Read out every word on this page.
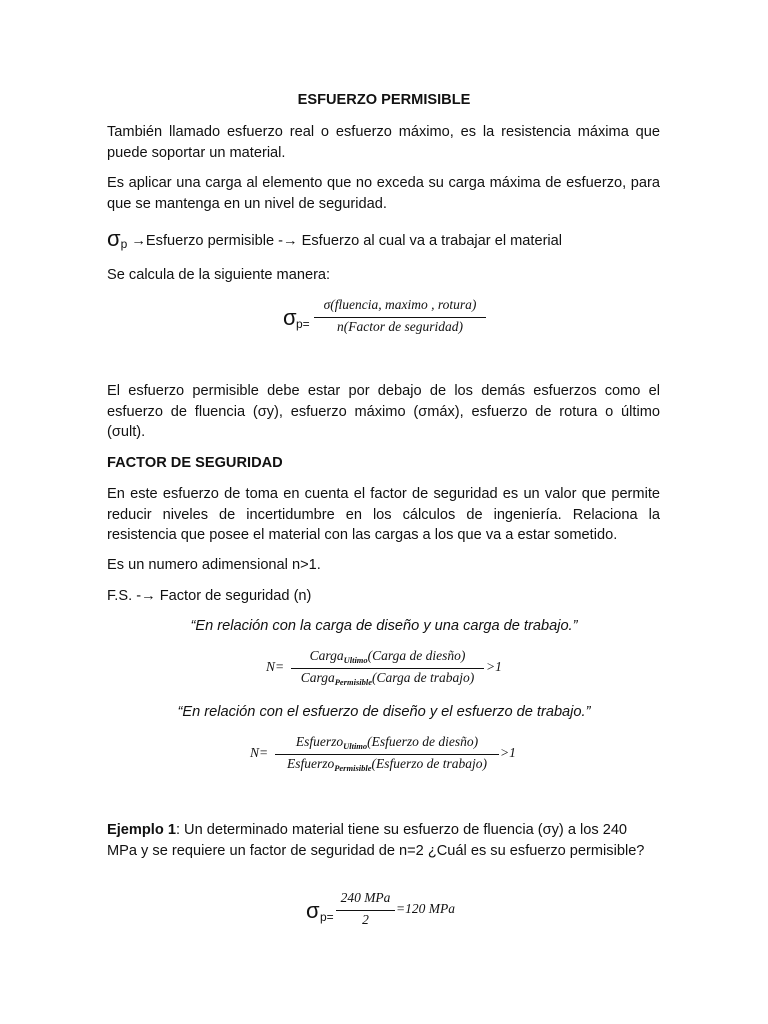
ESFUERZO PERMISIBLE

También llamado esfuerzo real o esfuerzo máximo, es la resistencia máxima que puede soportar un material.

Es aplicar una carga al elemento que no exceda su carga máxima de esfuerzo, para que se mantenga en un nivel de seguridad.

$\sigma_p$ →Esfuerzo permisible -→ Esfuerzo al cual va a trabajar el material

Se calcula de la siguiente manera:

σ p=
σ(fluencia, maximo , rotura)
n(Factor de seguridad)

El esfuerzo permisible debe estar por debajo de los demás esfuerzos como el esfuerzo de fluencia (σy), esfuerzo máximo (σmáx), esfuerzo de rotura o último (σult).

FACTOR DE SEGURIDAD

En este esfuerzo de toma en cuenta el factor de seguridad es un valor que permite reducir niveles de incertidumbre en los cálculos de ingeniería. Relaciona la resistencia que posee el material con las cargas a los que va a estar sometido.

Es un numero adimensional n>1.

F.S. -→ Factor de seguridad (n)

“En relación con la carga de diseño y una carga de trabajo.”

N=
Carga$_{Ultimo}$(Carga de diesño)
Carga$_{Permisible}$(Carga de trabajo)
>1

“En relación con el esfuerzo de diseño y el esfuerzo de trabajo.”

N=
Esfuerzo$_{Ultimo}$(Esfuerzo de diesño)
Esfuerzo$_{Permisible}$(Esfuerzo de trabajo)
>1

Ejemplo 1: Un determinado material tiene su esfuerzo de fluencia (σy) a los 240 MPa y se requiere un factor de seguridad de n=2 ¿Cuál es su esfuerzo permisible?

σ p=
240 MPa
2
=120 MPa
